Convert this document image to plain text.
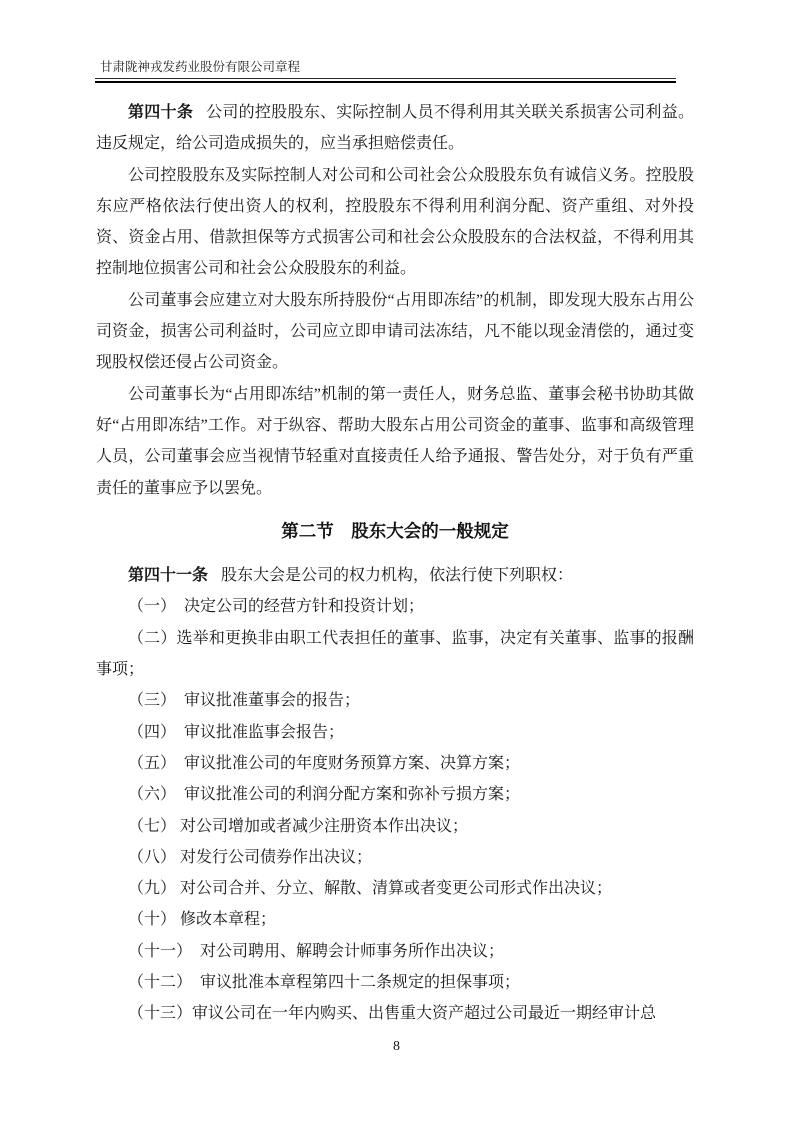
甘肃陇神戎发药业股份有限公司章程

第四十条 公司的控股股东、实际控制人员不得利用其关联关系损害公司利益。违反规定，给公司造成损失的，应当承担赔偿责任。

公司控股股东及实际控制人对公司和公司社会公众股股东负有诚信义务。控股股东应严格依法行使出资人的权利，控股股东不得利用利润分配、资产重组、对外投资、资金占用、借款担保等方式损害公司和社会公众股股东的合法权益，不得利用其控制地位损害公司和社会公众股股东的利益。

公司董事会应建立对大股东所持股份“占用即冻结”的机制，即发现大股东占用公司资金，损害公司利益时，公司应立即申请司法冻结，凡不能以现金清偿的，通过变现股权偿还侵占公司资金。

公司董事长为“占用即冻结”机制的第一责任人，财务总监、董事会秘书协助其做好“占用即冻结”工作。对于纵容、帮助大股东占用公司资金的董事、监事和高级管理人员，公司董事会应当视情节轻重对直接责任人给予通报、警告处分，对于负有严重责任的董事应予以罢免。

第二节　股东大会的一般规定

第四十一条 股东大会是公司的权力机构，依法行使下列职权：

（一）　决定公司的经营方针和投资计划；

（二）选举和更换非由职工代表担任的董事、监事，决定有关董事、监事的报酬事项；

（三）　审议批准董事会的报告；

（四）　审议批准监事会报告；

（五）　审议批准公司的年度财务预算方案、决算方案；

（六）　审议批准公司的利润分配方案和弥补亏损方案；

（七） 对公司增加或者减少注册资本作出决议；

（八） 对发行公司债券作出决议；

（九） 对公司合并、分立、解散、清算或者变更公司形式作出决议；

（十） 修改本章程；

（十一）　对公司聘用、解聘会计师事务所作出决议；

（十二）　审议批准本章程第四十二条规定的担保事项；

（十三）审议公司在一年内购买、出售重大资产超过公司最近一期经审计总

8
